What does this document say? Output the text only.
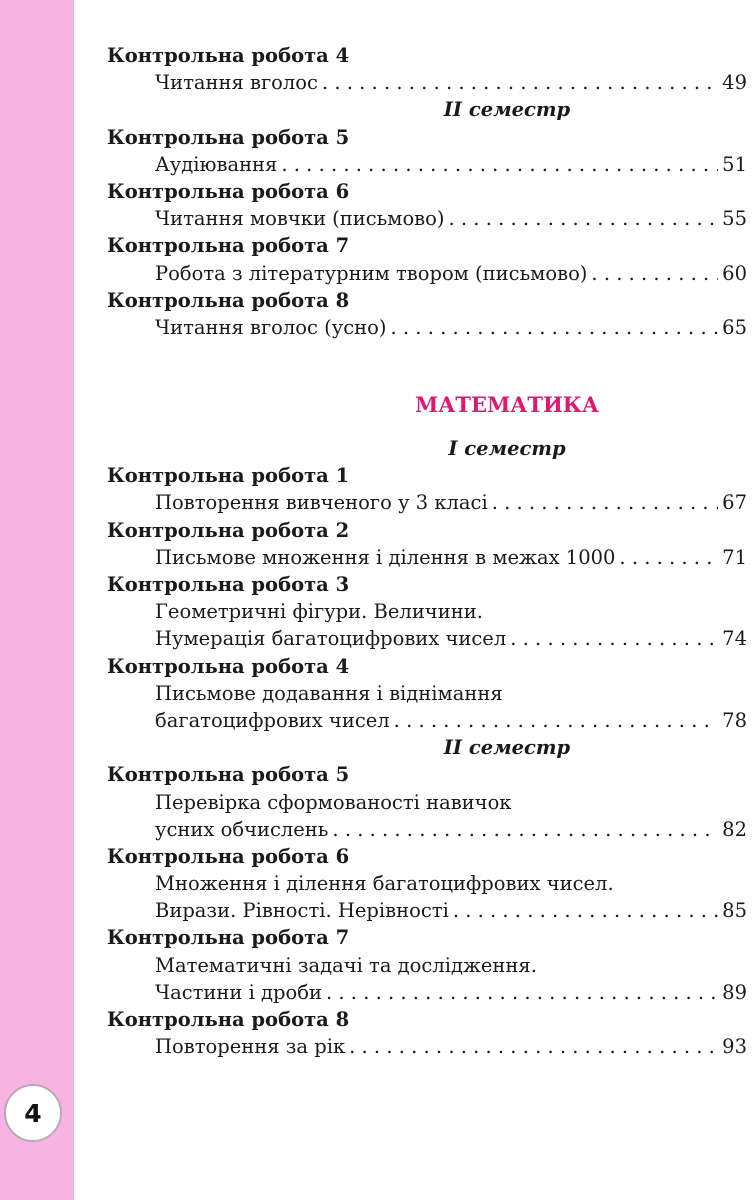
4
Контрольна робота 4
Читання вголос . . .	49
II семестр
Контрольна робота 5
Аудіювання . . .	51
Контрольна робота 6
Читання мовчки (письмово) . . .	55
Контрольна робота 7
Робота з літературним твором (письмово) . . .	60
Контрольна робота 8
Читання вголос (усно) . . .	65
МАТЕМАТИКА
I семестр
Контрольна робота 1
Повторення вивченого у 3 класі . . .	67
Контрольна робота 2
Письмове множення і ділення в межах 1000 . . .	71
Контрольна робота 3
Геометричні фігури. Величини.
Нумерація багатоцифрових чисел . . .	74
Контрольна робота 4
Письмове додавання і віднімання
багатоцифрових чисел . . .	78
II семестр
Контрольна робота 5
Перевірка сформованості навичок
усних обчислень . . .	82
Контрольна робота 6
Множення і ділення багатоцифрових чисел.
Вирази. Рівності. Нерівності . . .	85
Контрольна робота 7
Математичні задачі та дослідження.
Частини і дроби . . .	89
Контрольна робота 8
Повторення за рік . . .	93
